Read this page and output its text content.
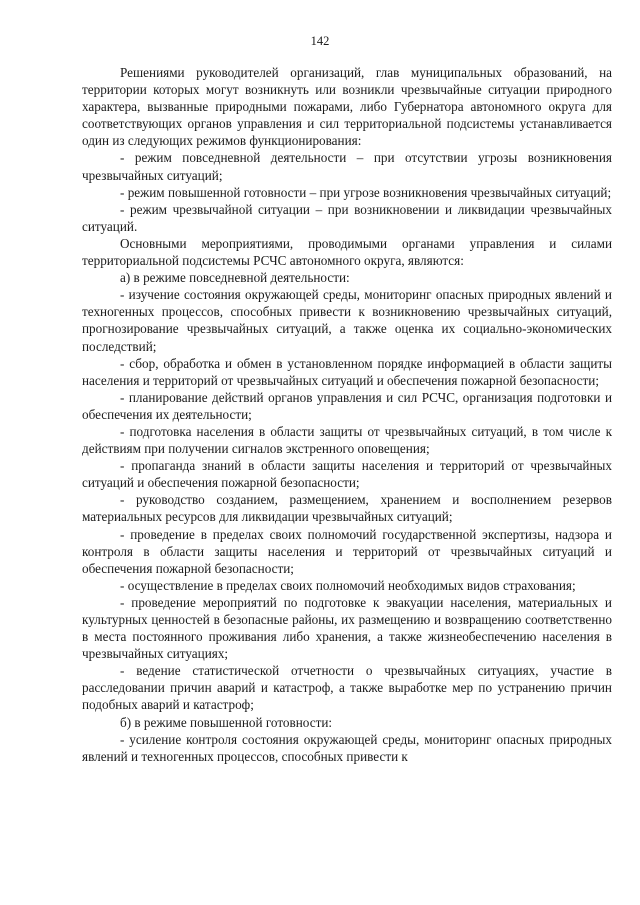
142

Решениями руководителей организаций, глав муниципальных образований, на территории которых могут возникнуть или возникли чрезвычайные ситуации природного характера, вызванные природными пожарами, либо Губернатора автономного округа для соответствующих органов управления и сил территориальной подсистемы устанавливается один из следующих режимов функционирования:

- режим повседневной деятельности – при отсутствии угрозы возникновения чрезвычайных ситуаций;

- режим повышенной готовности – при угрозе возникновения чрезвычайных ситуаций;

- режим чрезвычайной ситуации – при возникновении и ликвидации чрезвычайных ситуаций.

Основными мероприятиями, проводимыми органами управления и силами территориальной подсистемы РСЧС автономного округа, являются:

а) в режиме повседневной деятельности:

- изучение состояния окружающей среды, мониторинг опасных природных явлений и техногенных процессов, способных привести к возникновению чрезвычайных ситуаций, прогнозирование чрезвычайных ситуаций, а также оценка их социально-экономических последствий;

- сбор, обработка и обмен в установленном порядке информацией в области защиты населения и территорий от чрезвычайных ситуаций и обеспечения пожарной безопасности;

- планирование действий органов управления и сил РСЧС, организация подготовки и обеспечения их деятельности;

- подготовка населения в области защиты от чрезвычайных ситуаций, в том числе к действиям при получении сигналов экстренного оповещения;

- пропаганда знаний в области защиты населения и территорий от чрезвычайных ситуаций и обеспечения пожарной безопасности;

- руководство созданием, размещением, хранением и восполнением резервов материальных ресурсов для ликвидации чрезвычайных ситуаций;

- проведение в пределах своих полномочий государственной экспертизы, надзора и контроля в области защиты населения и территорий от чрезвычайных ситуаций и обеспечения пожарной безопасности;

- осуществление в пределах своих полномочий необходимых видов страхования;

- проведение мероприятий по подготовке к эвакуации населения, материальных и культурных ценностей в безопасные районы, их размещению и возвращению соответственно в места постоянного проживания либо хранения, а также жизнеобеспечению населения в чрезвычайных ситуациях;

- ведение статистической отчетности о чрезвычайных ситуациях, участие в расследовании причин аварий и катастроф, а также выработке мер по устранению причин подобных аварий и катастроф;

б) в режиме повышенной готовности:

- усиление контроля состояния окружающей среды, мониторинг опасных природных явлений и техногенных процессов, способных привести к
